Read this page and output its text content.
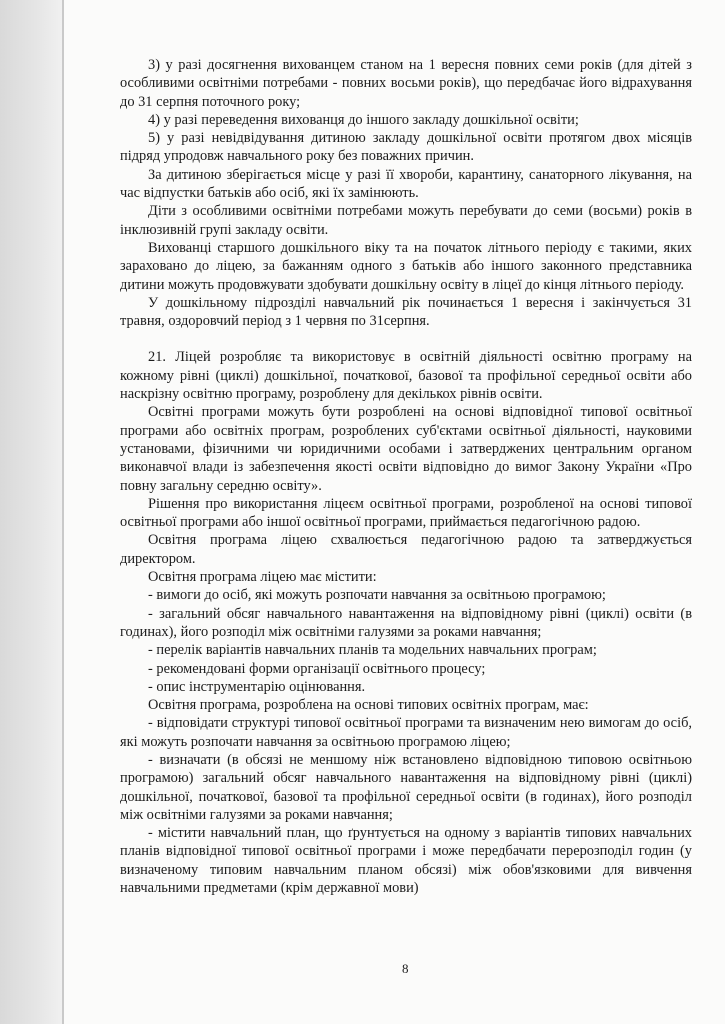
3) у разі досягнення вихованцем станом на 1 вересня повних семи років (для дітей з особливими освітніми потребами - повних восьми років), що передбачає його відрахування до 31 серпня поточного року;

4) у разі переведення вихованця до іншого закладу дошкільної освіти;

5) у разі невідвідування дитиною закладу дошкільної освіти протягом двох місяців підряд упродовж навчального року без поважних причин.

За дитиною зберігається місце у разі її хвороби, карантину, санаторного лікування, на час відпустки батьків або осіб, які їх замінюють.

Діти з особливими освітніми потребами можуть перебувати до семи (восьми) років в інклюзивній групі закладу освіти.

Вихованці старшого дошкільного віку та на початок літнього періоду є такими, яких зараховано до ліцею, за бажанням одного з батьків або іншого законного представника дитини можуть продовжувати здобувати дошкільну освіту в ліцеї до кінця літнього періоду.

У дошкільному підрозділі навчальний рік починається 1 вересня і закінчується 31 травня, оздоровчий період з 1 червня по 31серпня.

21. Ліцей розробляє та використовує в освітній діяльності освітню програму на кожному рівні (циклі) дошкільної, початкової, базової та профільної середньої освіти або наскрізну освітню програму, розроблену для декількох рівнів освіти.

Освітні програми можуть бути розроблені на основі відповідної типової освітньої програми або освітніх програм, розроблених суб'єктами освітньої діяльності, науковими установами, фізичними чи юридичними особами і затверджених центральним органом виконавчої влади із забезпечення якості освіти відповідно до вимог Закону України «Про повну загальну середню освіту».

Рішення про використання ліцеєм освітньої програми, розробленої на основі типової освітньої програми або іншої освітньої програми, приймається педагогічною радою.

Освітня програма ліцею схвалюється педагогічною радою та затверджується директором.

Освітня програма ліцею має містити:

- вимоги до осіб, які можуть розпочати навчання за освітньою програмою;

- загальний обсяг навчального навантаження на відповідному рівні (циклі) освіти (в годинах), його розподіл між освітніми галузями за роками навчання;

- перелік варіантів навчальних планів та модельних навчальних програм;

- рекомендовані форми організації освітнього процесу;

- опис інструментарію оцінювання.

Освітня програма, розроблена на основі типових освітніх програм, має:

- відповідати структурі типової освітньої програми та визначеним нею вимогам до осіб, які можуть розпочати навчання за освітньою програмою ліцею;

- визначати (в обсязі не меншому ніж встановлено відповідною типовою освітньою програмою) загальний обсяг навчального навантаження на відповідному рівні (циклі) дошкільної, початкової, базової та профільної середньої освіти (в годинах), його розподіл між освітніми галузями за роками навчання;

- містити навчальний план, що ґрунтується на одному з варіантів типових навчальних планів відповідної типової освітньої програми і може передбачати перерозподіл годин (у визначеному типовим навчальним планом обсязі) між обов'язковими для вивчення навчальними предметами (крім державної мови)

8
